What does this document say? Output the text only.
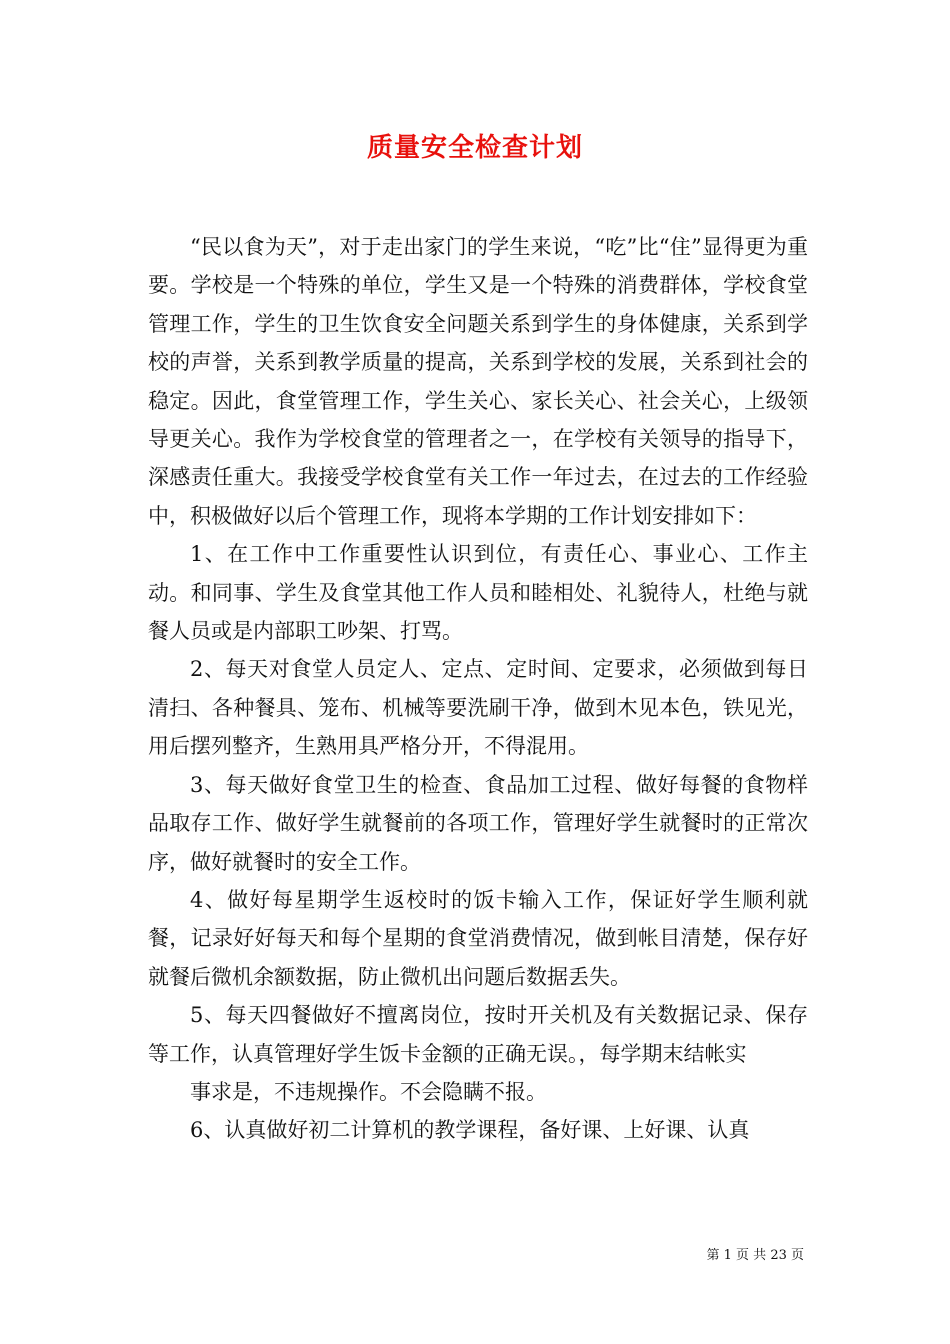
质量安全检查计划

“民以食为天”，对于走出家门的学生来说，“吃”比“住”显得更为重要。学校是一个特殊的单位，学生又是一个特殊的消费群体，学校食堂管理工作，学生的卫生饮食安全问题关系到学生的身体健康，关系到学校的声誉，关系到教学质量的提高，关系到学校的发展，关系到社会的稳定。因此，食堂管理工作，学生关心、家长关心、社会关心，上级领导更关心。我作为学校食堂的管理者之一，在学校有关领导的指导下，深感责任重大。我接受学校食堂有关工作一年过去，在过去的工作经验中，积极做好以后个管理工作，现将本学期的工作计划安排如下：

1、在工作中工作重要性认识到位，有责任心、事业心、工作主动。和同事、学生及食堂其他工作人员和睦相处、礼貌待人，杜绝与就餐人员或是内部职工吵架、打骂。

2、每天对食堂人员定人、定点、定时间、定要求，必须做到每日清扫、各种餐具、笼布、机械等要洗刷干净，做到木见本色，铁见光，用后摆列整齐，生熟用具严格分开，不得混用。

3、每天做好食堂卫生的检查、食品加工过程、做好每餐的食物样品取存工作、做好学生就餐前的各项工作，管理好学生就餐时的正常次序，做好就餐时的安全工作。

4、做好每星期学生返校时的饭卡输入工作，保证好学生顺利就餐，记录好好每天和每个星期的食堂消费情况，做到帐目清楚，保存好就餐后微机余额数据，防止微机出问题后数据丢失。

5、每天四餐做好不擅离岗位，按时开关机及有关数据记录、保存等工作，认真管理好学生饭卡金额的正确无误。，每学期末结帐实

事求是，不违规操作。不会隐瞒不报。

6、认真做好初二计算机的教学课程，备好课、上好课、认真

第 1 页 共 23 页
